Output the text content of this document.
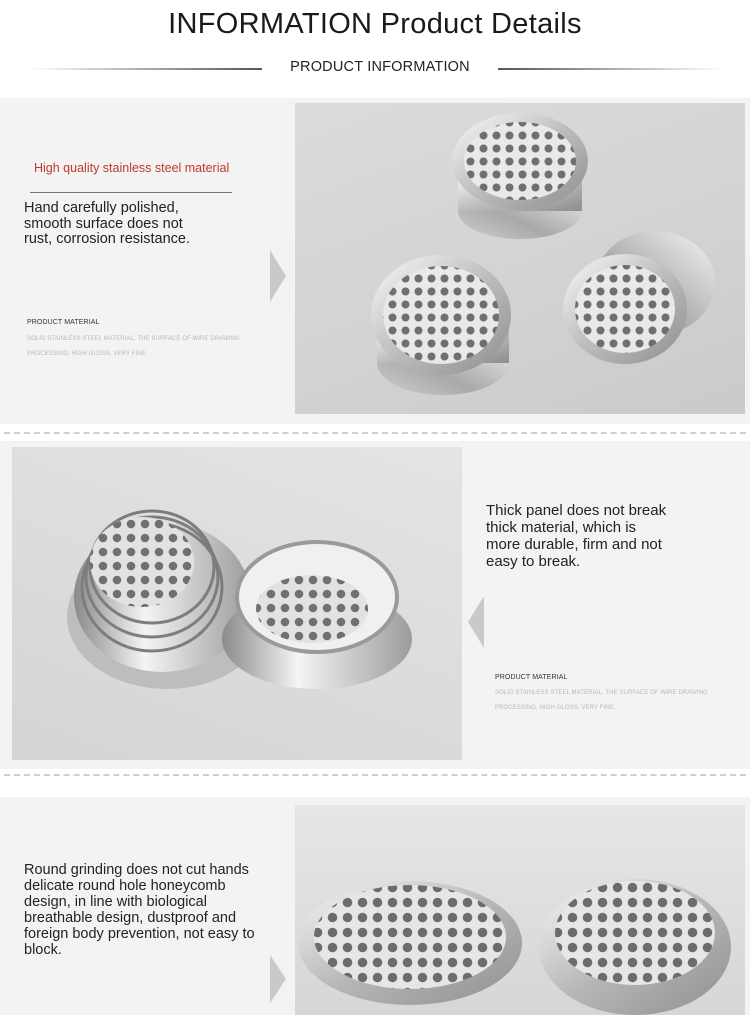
INFORMATION Product Details
PRODUCT INFORMATION
High quality stainless steel material
Hand carefully polished,
smooth surface does not
rust, corrosion resistance.
PRODUCT MATERIAL
SOLID STAINLESS STEEL MATERIAL, THE SURFACE OF WIRE DRAWING
PROCESSING, HIGH GLOSS, VERY FINE.
Thick panel does not break
thick material, which is
more durable, firm and not
easy to break.
PRODUCT MATERIAL
SOLID STAINLESS STEEL MATERIAL, THE SURFACE OF WIRE DRAWING
PROCESSING, HIGH GLOSS, VERY FINE.
Round grinding does not cut hands
delicate round hole honeycomb
design, in line with biological
breathable design, dustproof and
foreign body prevention, not easy to
block.
